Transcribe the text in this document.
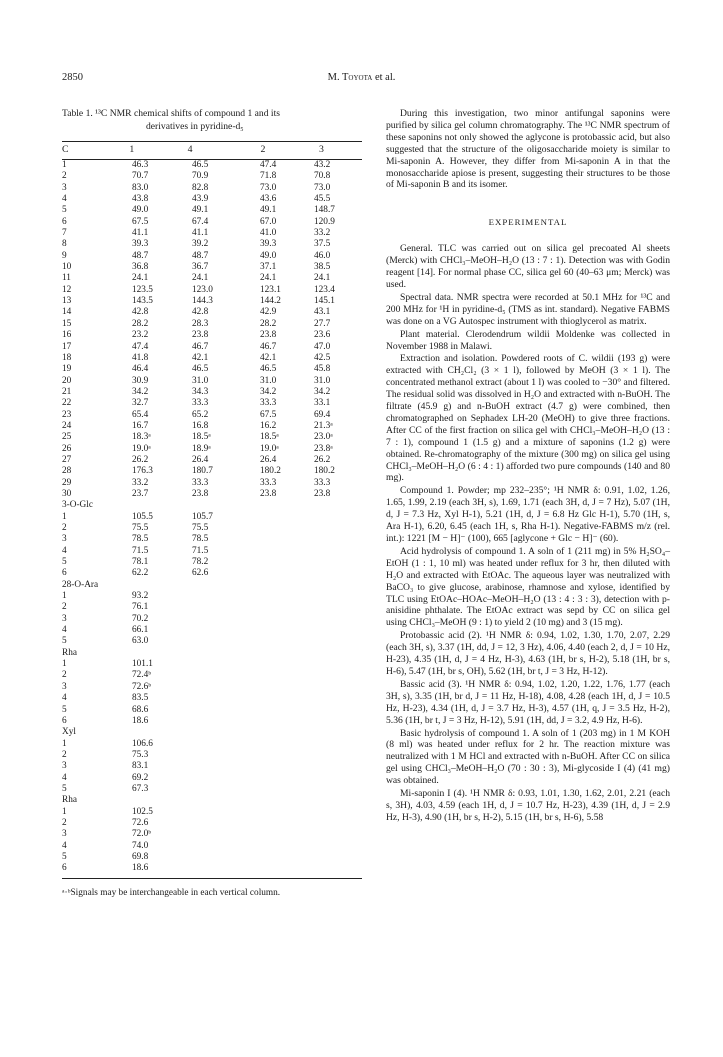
2850	M. Toyota et al.
Table 1. ¹³C NMR chemical shifts of compound 1 and its
derivatives in pyridine-d₅
C	1	4	2	3
1	46.3	46.5	47.4	43.2
2	70.7	70.9	71.8	70.8
3	83.0	82.8	73.0	73.0
4	43.8	43.9	43.6	45.5
5	49.0	49.1	49.1	148.7
6	67.5	67.4	67.0	120.9
7	41.1	41.1	41.0	33.2
8	39.3	39.2	39.3	37.5
9	48.7	48.7	49.0	46.0
10	36.8	36.7	37.1	38.5
11	24.1	24.1	24.1	24.1
12	123.5	123.0	123.1	123.4
13	143.5	144.3	144.2	145.1
14	42.8	42.8	42.9	43.1
15	28.2	28.3	28.2	27.7
16	23.2	23.8	23.8	23.6
17	47.4	46.7	46.7	47.0
18	41.8	42.1	42.1	42.5
19	46.4	46.5	46.5	45.8
20	30.9	31.0	31.0	31.0
21	34.2	34.3	34.2	34.2
22	32.7	33.3	33.3	33.1
23	65.4	65.2	67.5	69.4
24	16.7	16.8	16.2	21.3ᵃ
25	18.3ᵃ	18.5ᵃ	18.5ᵃ	23.0ᵃ
26	19.0ᵃ	18.9ᵃ	19.0ᵃ	23.8ᵃ
27	26.2	26.4	26.4	26.2
28	176.3	180.7	180.2	180.2
29	33.2	33.3	33.3	33.3
30	23.7	23.8	23.8	23.8
3-O-Glc
1	105.5	105.7
2	75.5	75.5
3	78.5	78.5
4	71.5	71.5
5	78.1	78.2
6	62.2	62.6
28-O-Ara
1	93.2
2	76.1
3	70.2
4	66.1
5	63.0
Rha
1	101.1
2	72.4ᵇ
3	72.6ᵇ
4	83.5
5	68.6
6	18.6
Xyl
1	106.6
2	75.3
3	83.1
4	69.2
5	67.3
Rha
1	102.5
2	72.6
3	72.0ᵇ
4	74.0
5	69.8
6	18.6
ᵃ·ᵇSignals may be interchangeable in each vertical column.

During this investigation, two minor antifungal saponins were purified by silica gel column chromatography. The ¹³C NMR spectrum of these saponins not only showed the aglycone is protobassic acid, but also suggested that the structure of the oligosaccharide moiety is similar to Mi-saponin A. However, they differ from Mi-saponin A in that the monosaccharide apiose is present, suggesting their structures to be those of Mi-saponin B and its isomer.

EXPERIMENTAL

General. TLC was carried out on silica gel precoated Al sheets (Merck) with CHCl₃–MeOH–H₂O (13 : 7 : 1). Detection was with Godin reagent [14]. For normal phase CC, silica gel 60 (40–63 μm; Merck) was used.

Spectral data. NMR spectra were recorded at 50.1 MHz for ¹³C and 200 MHz for ¹H in pyridine-d₅ (TMS as int. standard). Negative FABMS was done on a VG Autospec instrument with thioglycerol as matrix.

Plant material. Clerodendrum wildii Moldenke was collected in November 1988 in Malawi.

Extraction and isolation. Powdered roots of C. wildii (193 g) were extracted with CH₂Cl₂ (3 × 1 l), followed by MeOH (3 × 1 l). The concentrated methanol extract (about 1 l) was cooled to −30° and filtered. The residual solid was dissolved in H₂O and extracted with n-BuOH. The filtrate (45.9 g) and n-BuOH extract (4.7 g) were combined, then chromatographed on Sephadex LH-20 (MeOH) to give three fractions. After CC of the first fraction on silica gel with CHCl₃–MeOH–H₂O (13 : 7 : 1), compound 1 (1.5 g) and a mixture of saponins (1.2 g) were obtained. Re-chromatography of the mixture (300 mg) on silica gel using CHCl₃–MeOH–H₂O (6 : 4 : 1) afforded two pure compounds (140 and 80 mg).

Compound 1. Powder; mp 232–235°; ¹H NMR δ: 0.91, 1.02, 1.26, 1.65, 1.99, 2.19 (each 3H, s), 1.69, 1.71 (each 3H, d, J = 7 Hz), 5.07 (1H, d, J = 7.3 Hz, Xyl H-1), 5.21 (1H, d, J = 6.8 Hz Glc H-1), 5.70 (1H, s, Ara H-1), 6.20, 6.45 (each 1H, s, Rha H-1). Negative-FABMS m/z (rel. int.): 1221 [M − H]⁻ (100), 665 [aglycone + Glc − H]⁻ (60).

Acid hydrolysis of compound 1. A soln of 1 (211 mg) in 5% H₂SO₄–EtOH (1 : 1, 10 ml) was heated under reflux for 3 hr, then diluted with H₂O and extracted with EtOAc. The aqueous layer was neutralized with BaCO₃ to give glucose, arabinose, rhamnose and xylose, identified by TLC using EtOAc–HOAc–MeOH–H₂O (13 : 4 : 3 : 3), detection with p-anisidine phthalate. The EtOAc extract was sepd by CC on silica gel using CHCl₃–MeOH (9 : 1) to yield 2 (10 mg) and 3 (15 mg).

Protobassic acid (2). ¹H NMR δ: 0.94, 1.02, 1.30, 1.70, 2.07, 2.29 (each 3H, s), 3.37 (1H, dd, J = 12, 3 Hz), 4.06, 4.40 (each 2, d, J = 10 Hz, H-23), 4.35 (1H, d, J = 4 Hz, H-3), 4.63 (1H, br s, H-2), 5.18 (1H, br s, H-6), 5.47 (1H, br s, OH), 5.62 (1H, br t, J = 3 Hz, H-12).

Bassic acid (3). ¹H NMR δ: 0.94, 1.02, 1.20, 1.22, 1.76, 1.77 (each 3H, s), 3.35 (1H, br d, J = 11 Hz, H-18), 4.08, 4.28 (each 1H, d, J = 10.5 Hz, H-23), 4.34 (1H, d, J = 3.7 Hz, H-3), 4.57 (1H, q, J = 3.5 Hz, H-2), 5.36 (1H, br t, J = 3 Hz, H-12), 5.91 (1H, dd, J = 3.2, 4.9 Hz, H-6).

Basic hydrolysis of compound 1. A soln of 1 (203 mg) in 1 M KOH (8 ml) was heated under reflux for 2 hr. The reaction mixture was neutralized with 1 M HCl and extracted with n-BuOH. After CC on silica gel using CHCl₃–MeOH–H₂O (70 : 30 : 3), Mi-glycoside I (4) (41 mg) was obtained.

Mi-saponin I (4). ¹H NMR δ: 0.93, 1.01, 1.30, 1.62, 2.01, 2.21 (each s, 3H), 4.03, 4.59 (each 1H, d, J = 10.7 Hz, H-23), 4.39 (1H, d, J = 2.9 Hz, H-3), 4.90 (1H, br s, H-2), 5.15 (1H, br s, H-6), 5.58
